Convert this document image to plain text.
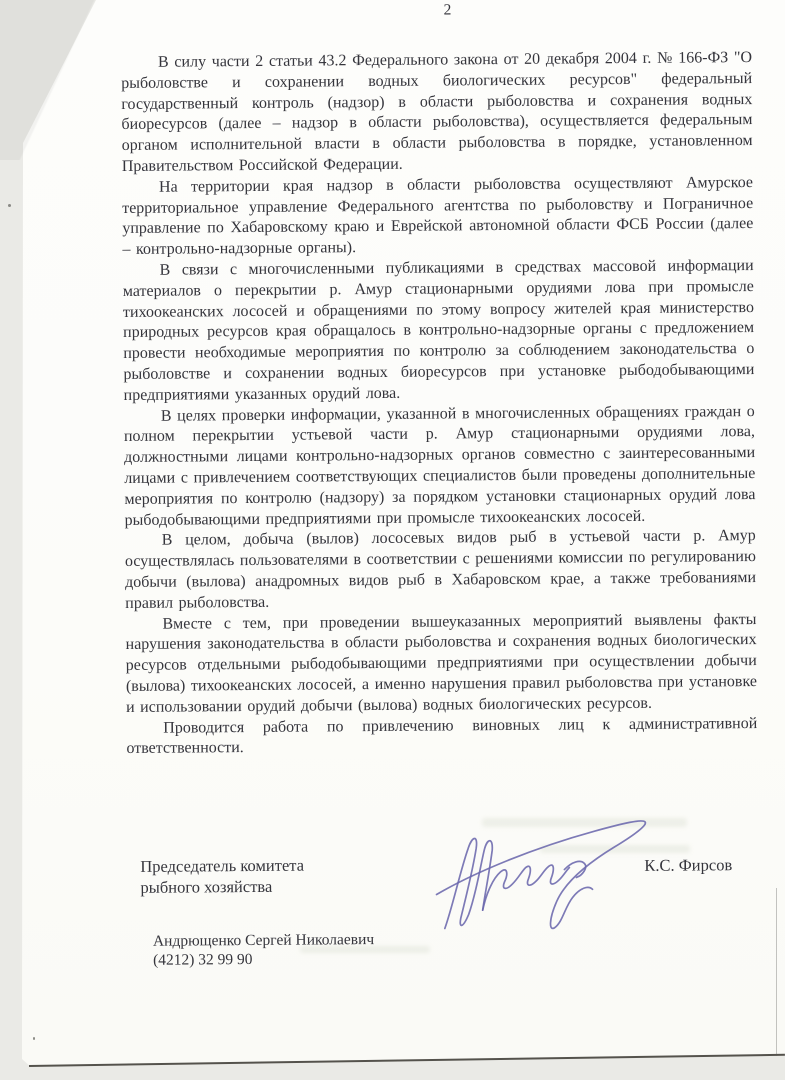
2

В силу части 2 статьи 43.2 Федерального закона от 20 декабря 2004 г. № 166-ФЗ "О рыболовстве и сохранении водных биологических ресурсов" федеральный государственный контроль (надзор) в области рыболовства и сохранения водных биоресурсов (далее – надзор в области рыболовства), осуществляется федеральным органом исполнительной власти в области рыболовства в порядке, установленном Правительством Российской Федерации.

На территории края надзор в области рыболовства осуществляют Амурское территориальное управление Федерального агентства по рыболовству и Пограничное управление по Хабаровскому краю и Еврейской автономной области ФСБ России (далее – контрольно-надзорные органы).

В связи с многочисленными публикациями в средствах массовой информации материалов о перекрытии р. Амур стационарными орудиями лова при промысле тихоокеанских лососей и обращениями по этому вопросу жителей края министерство природных ресурсов края обращалось в контрольно-надзорные органы с предложением провести необходимые мероприятия по контролю за соблюдением законодательства о рыболовстве и сохранении водных биоресурсов при установке рыбодобывающими предприятиями указанных орудий лова.

В целях проверки информации, указанной в многочисленных обращениях граждан о полном перекрытии устьевой части р. Амур стационарными орудиями лова, должностными лицами контрольно-надзорных органов совместно с заинтересованными лицами с привлечением соответствующих специалистов были проведены дополнительные мероприятия по контролю (надзору) за порядком установки стационарных орудий лова рыбодобывающими предприятиями при промысле тихоокеанских лососей.

В целом, добыча (вылов) лососевых видов рыб в устьевой части р. Амур осуществлялась пользователями в соответствии с решениями комиссии по регулированию добычи (вылова) анадромных видов рыб в Хабаровском крае, а также требованиями правил рыболовства.

Вместе с тем, при проведении вышеуказанных мероприятий выявлены факты нарушения законодательства в области рыболовства и сохранения водных биологических ресурсов отдельными рыбодобывающими предприятиями при осуществлении добычи (вылова) тихоокеанских лососей, а именно нарушения правил рыболовства при установке и использовании орудий добычи (вылова) водных биологических ресурсов.

Проводится работа по привлечению виновных лиц к административной ответственности.

Председатель комитета
рыбного хозяйства
К.С. Фирсов
Андрющенко Сергей Николаевич
(4212) 32 99 90
